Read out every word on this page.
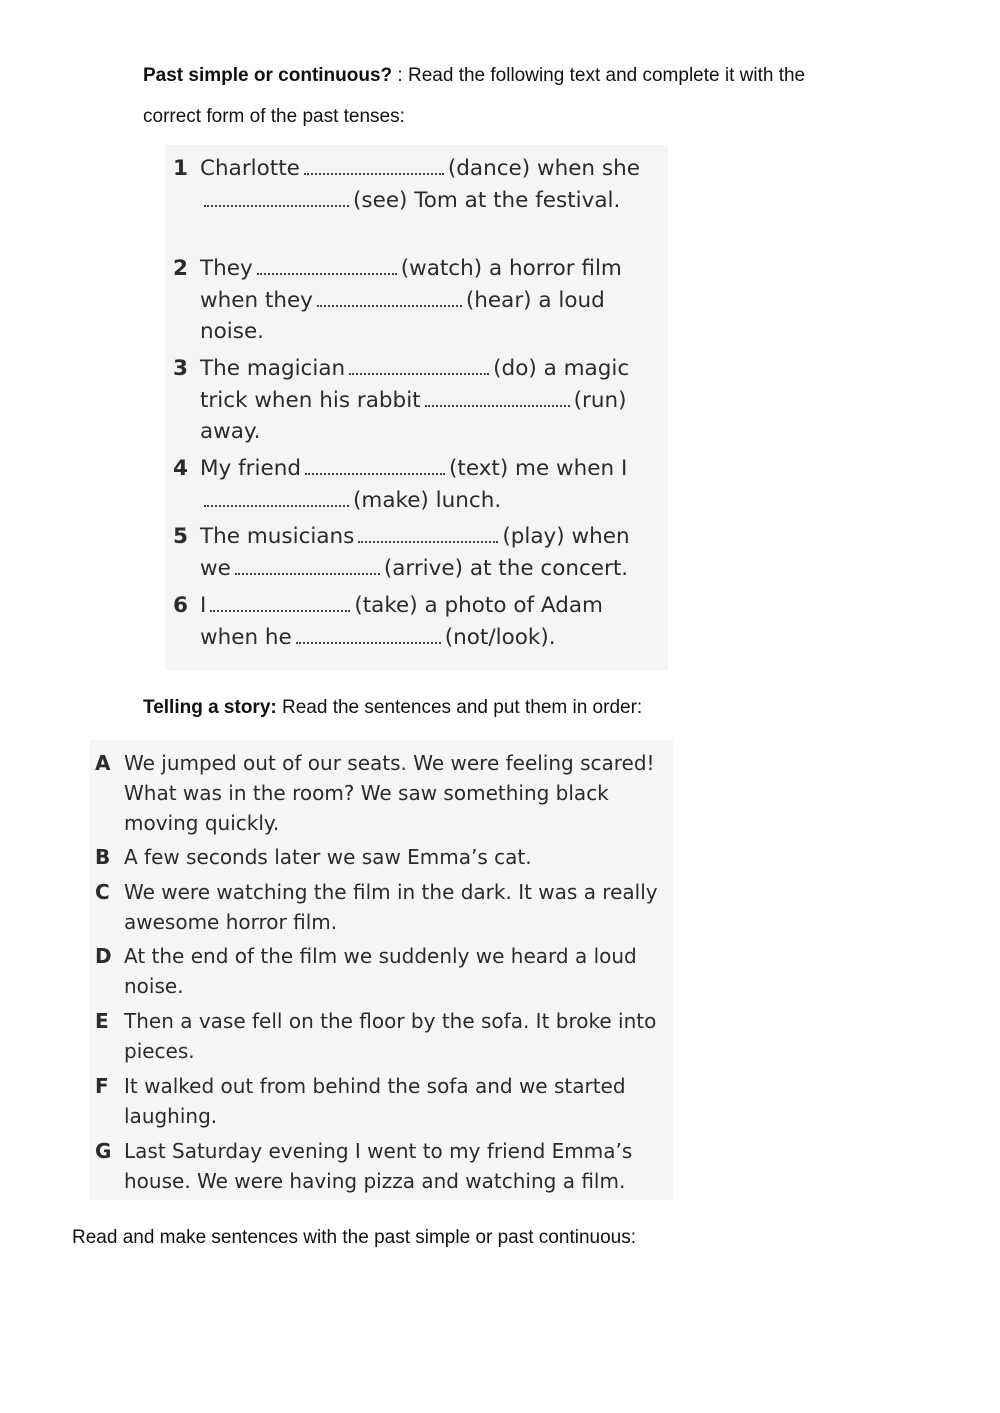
Past simple or continuous? : Read the following text and complete it with the correct form of the past tenses:
1 Charlotte	(dance) when she(see) Tom at the festival.
2 They	(watch) a horror film when they	(hear) a loud noise.
3 The magician	(do) a magic trick when his rabbit	(run) away.
4 My friend	(text) me when I(make) lunch.
5 The musicians	(play) when we	(arrive) at the concert.
6 I	(take) a photo of Adam when he	(not/look).
Telling a story: Read the sentences and put them in order:
A We jumped out of our seats. We were feeling scared! What was in the room? We saw something black moving quickly.
B A few seconds later we saw Emma’s cat.
C We were watching the film in the dark. It was a really awesome horror film.
D At the end of the film we suddenly we heard a loud noise.
E Then a vase fell on the floor by the sofa. It broke into pieces.
F It walked out from behind the sofa and we started laughing.
G Last Saturday evening I went to my friend Emma’s house. We were having pizza and watching a film.
Read and make sentences with the past simple or past continuous:
